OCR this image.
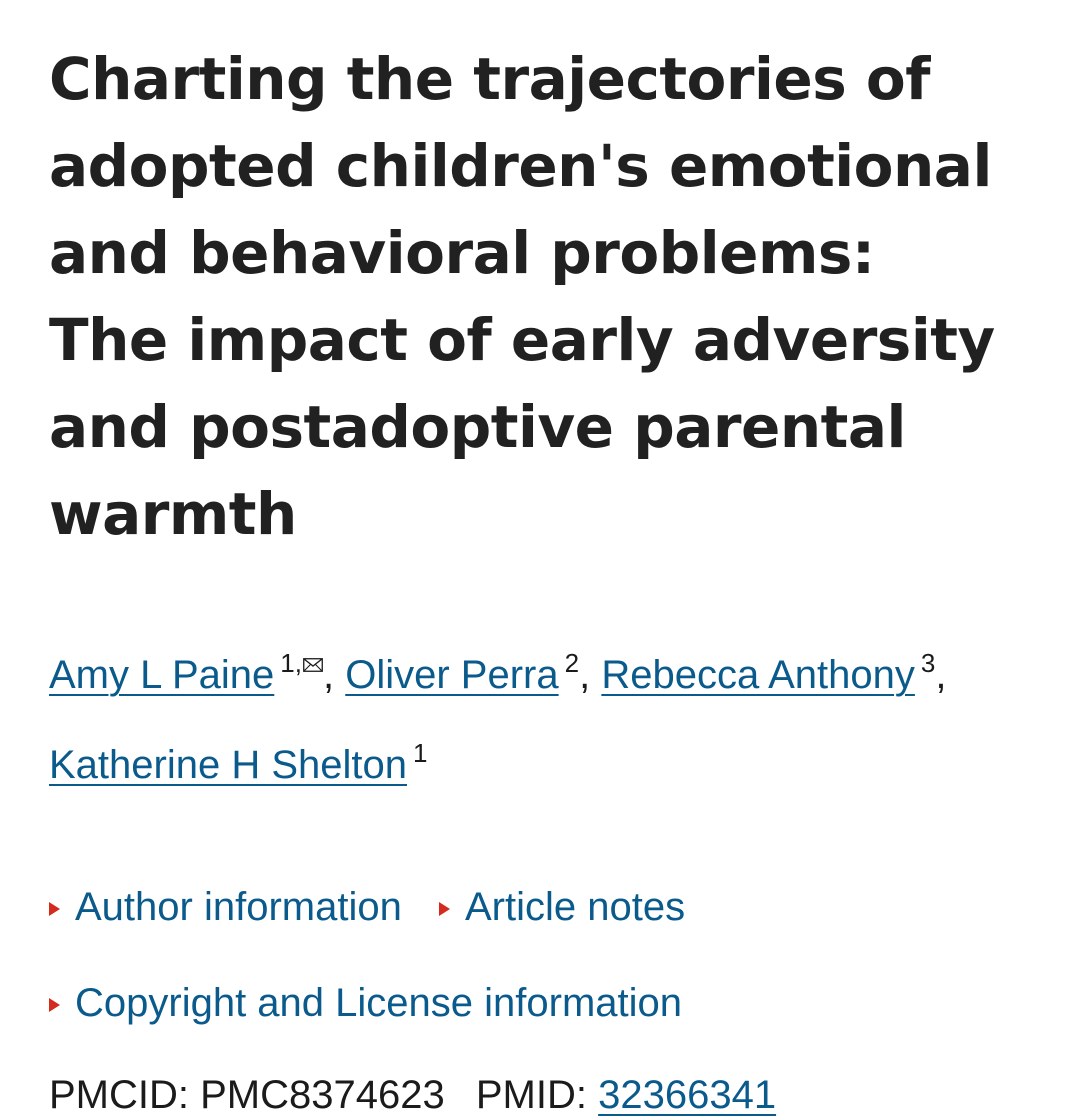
Charting the trajectories of adopted children's emotional and behavioral problems: The impact of early adversity and postadoptive parental warmth
Amy L Paine $^{1,}$ , Oliver Perra $^2$, Rebecca Anthony $^3$, Katherine H Shelton $^1$
Author information
Article notes
Copyright and License information
PMCID: PMC8374623 PMID: 32366341
